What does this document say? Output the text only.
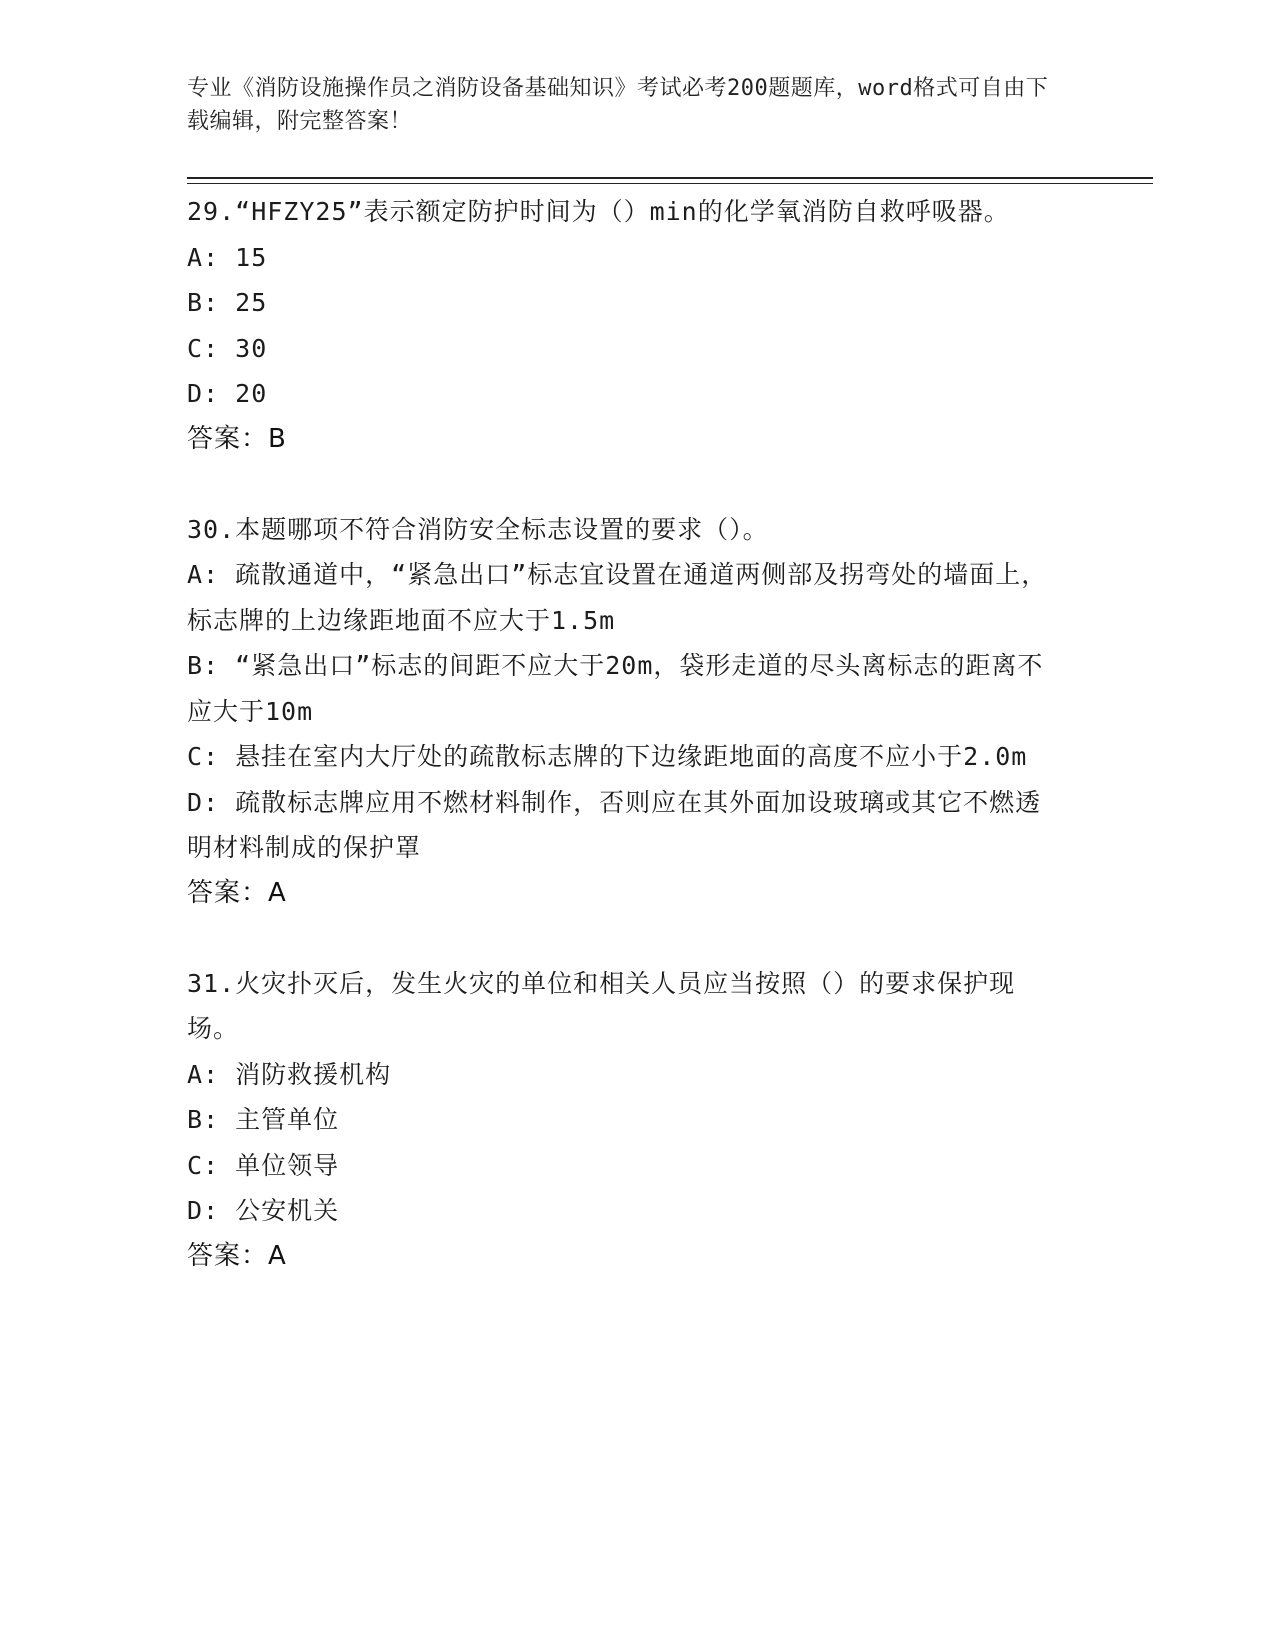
专业《消防设施操作员之消防设备基础知识》考试必考200题题库，word格式可自由下载编辑，附完整答案！

29.“HFZY25”表示额定防护时间为（）min的化学氧消防自救呼吸器。

A: 15

B: 25

C: 30

D: 20

答案：B

30.本题哪项不符合消防安全标志设置的要求（）。

A: 疏散通道中，“紧急出口”标志宜设置在通道两侧部及拐弯处的墙面上，标志牌的上边缘距地面不应大于1.5m

B: “紧急出口”标志的间距不应大于20m，袋形走道的尽头离标志的距离不应大于10m

C: 悬挂在室内大厅处的疏散标志牌的下边缘距地面的高度不应小于2.0m

D: 疏散标志牌应用不燃材料制作，否则应在其外面加设玻璃或其它不燃透明材料制成的保护罩

答案：A

31.火灾扑灭后，发生火灾的单位和相关人员应当按照（）的要求保护现场。

A: 消防救援机构

B: 主管单位

C: 单位领导

D: 公安机关

答案：A
